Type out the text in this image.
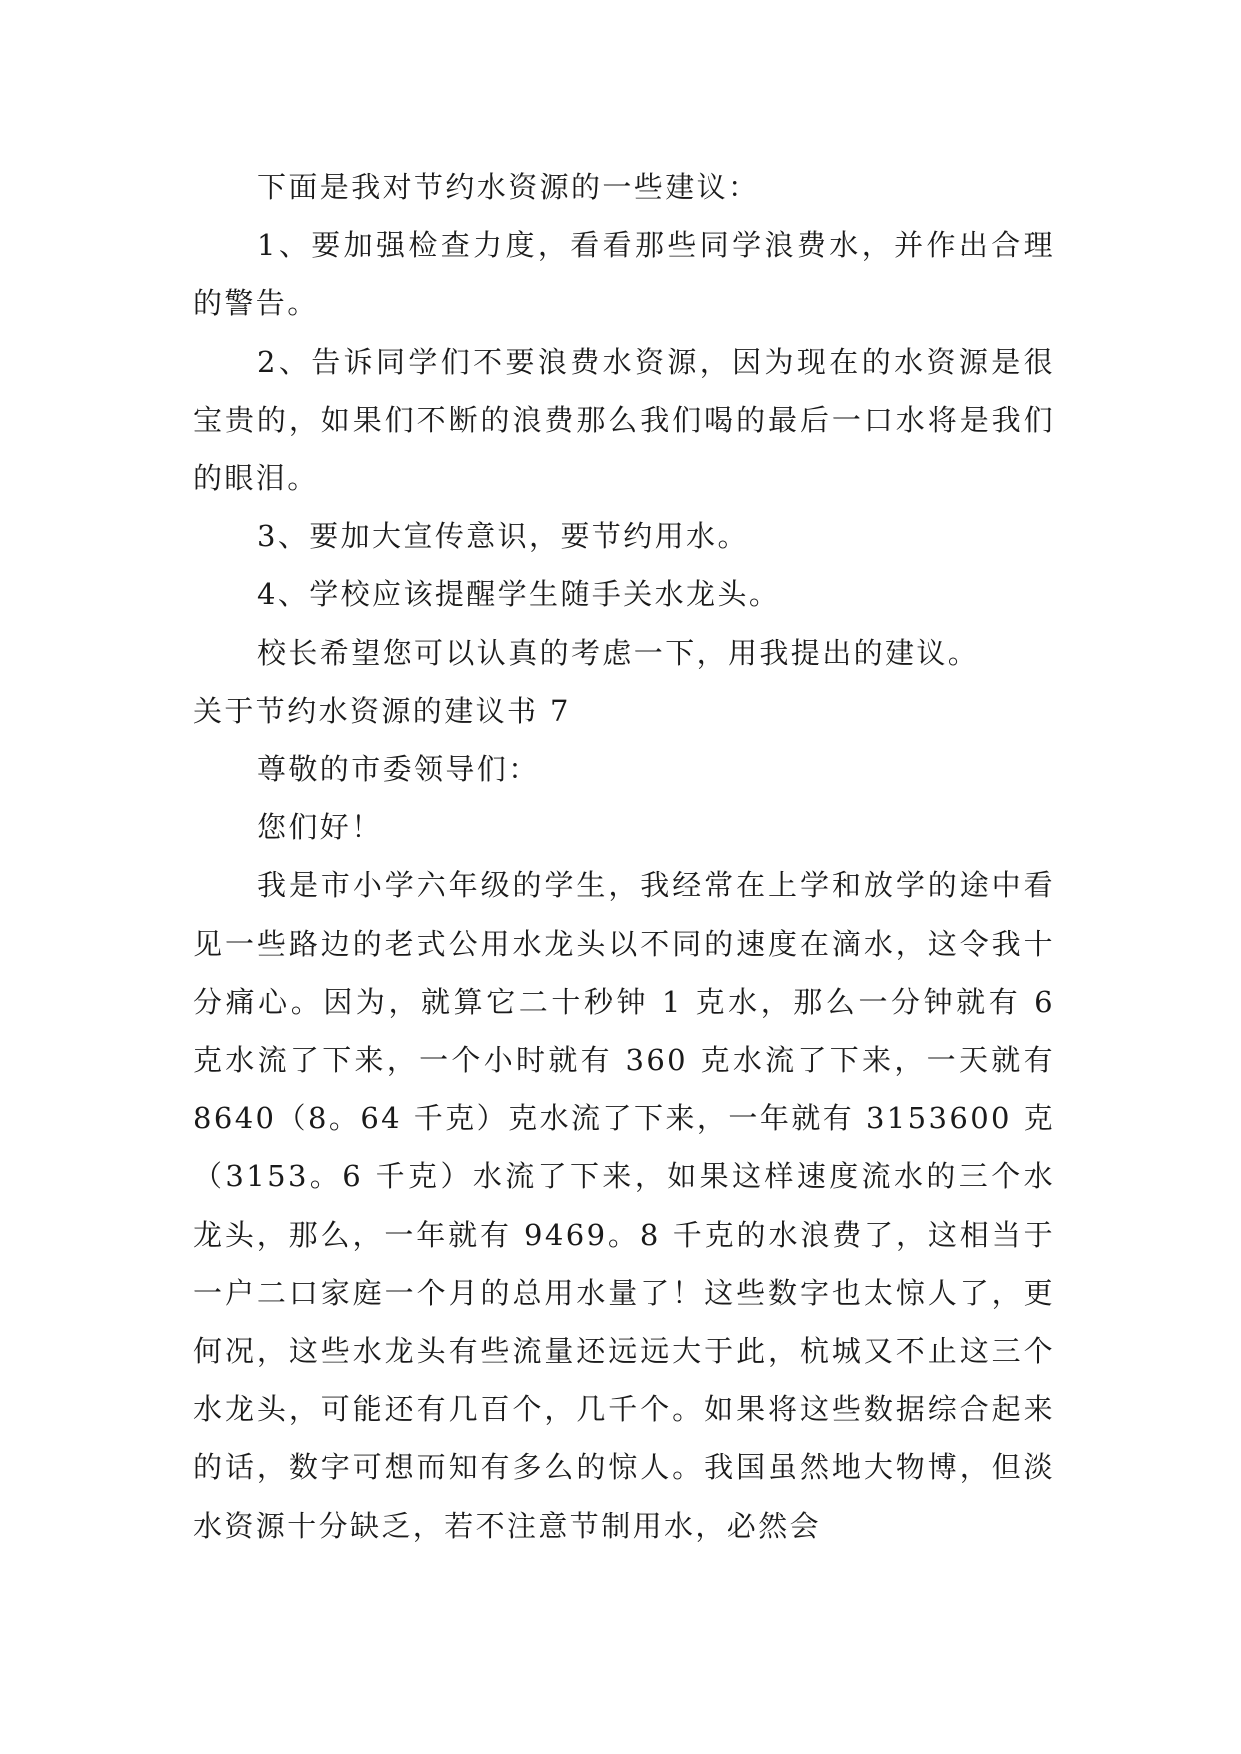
下面是我对节约水资源的一些建议：

1、要加强检查力度，看看那些同学浪费水，并作出合理的警告。

2、告诉同学们不要浪费水资源，因为现在的水资源是很宝贵的，如果们不断的浪费那么我们喝的最后一口水将是我们的眼泪。

3、要加大宣传意识，要节约用水。

4、学校应该提醒学生随手关水龙头。

校长希望您可以认真的考虑一下，用我提出的建议。

关于节约水资源的建议书 7

尊敬的市委领导们：

您们好！

我是市小学六年级的学生，我经常在上学和放学的途中看见一些路边的老式公用水龙头以不同的速度在滴水，这令我十分痛心。因为，就算它二十秒钟 1 克水，那么一分钟就有 6 克水流了下来，一个小时就有 360 克水流了下来，一天就有 8640（8。64 千克）克水流了下来，一年就有 3153600 克（3153。6 千克）水流了下来，如果这样速度流水的三个水龙头，那么，一年就有 9469。8 千克的水浪费了，这相当于一户二口家庭一个月的总用水量了！这些数字也太惊人了，更何况，这些水龙头有些流量还远远大于此，杭城又不止这三个水龙头，可能还有几百个，几千个。如果将这些数据综合起来的话，数字可想而知有多么的惊人。我国虽然地大物博，但淡水资源十分缺乏，若不注意节制用水，必然会
